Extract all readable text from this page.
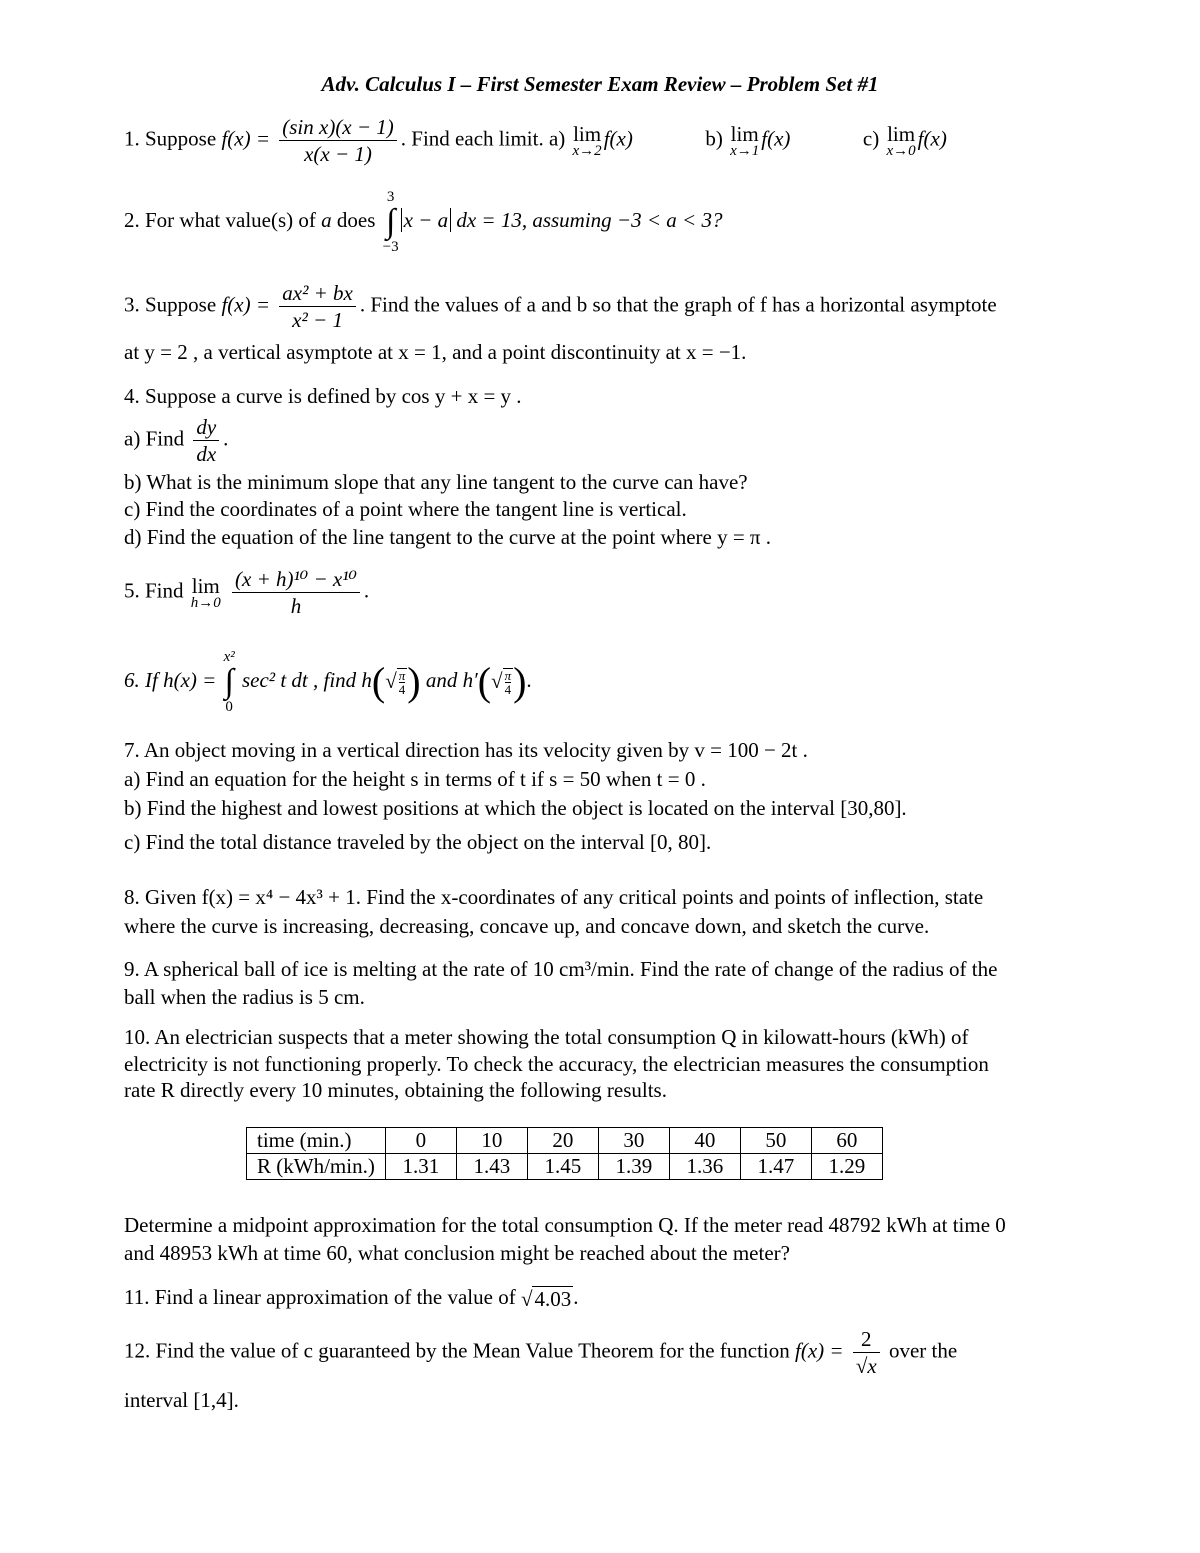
Adv. Calculus I – First Semester Exam Review – Problem Set #1
1. Suppose $f(x) = \frac{\text{(sin x)(x − 1)}}{x(x - 1)}$ . Find each limit. a) lim
x→2
f(x)	b) lim
x→1
f(x)	c) lim
x→0
f(x)
2. For what value(s) of a does
3
∫
−3
x − a dx = 13, assuming −3 < a < 3?
3. Suppose $f(x) = \frac{\text{ax² + bx}}{\text{x² − 1}}$ . Find the values of a and b so that the graph of f has a horizontal asymptote
at y = 2 , a vertical asymptote at x = 1, and a point discontinuity at x = −1.
4. Suppose a curve is defined by cos y + x = y .
a) Find $\frac{dy}{dx}$ .
b) What is the minimum slope that any line tangent to the curve can have?
c) Find the coordinates of a point where the tangent line is vertical.
d) Find the equation of the line tangent to the curve at the point where y = π .
5. Find lim
h→0
$\frac{\text{(x + h)¹⁰ − x¹⁰}}{h}$ .
6. If h(x) =
x²
∫
0
sec² t dt , find $h(√ \frac{\pi}{4}$ ) and $h'(√ \frac{\pi}{4}$ ).
7. An object moving in a vertical direction has its velocity given by v = 100 − 2t .
a) Find an equation for the height s in terms of t if s = 50 when t = 0 .
b) Find the highest and lowest positions at which the object is located on the interval [30,80].
c) Find the total distance traveled by the object on the interval [0, 80].
8. Given f(x) = x⁴ − 4x³ + 1. Find the x-coordinates of any critical points and points of inflection, state
where the curve is increasing, decreasing, concave up, and concave down, and sketch the curve.
9. A spherical ball of ice is melting at the rate of 10 cm³/min. Find the rate of change of the radius of the
ball when the radius is 5 cm.
10. An electrician suspects that a meter showing the total consumption Q in kilowatt-hours (kWh) of
electricity is not functioning properly. To check the accuracy, the electrician measures the consumption
rate R directly every 10 minutes, obtaining the following results.
time (min.)	0	10	20	30	40	50	60
R (kWh/min.)	1.31	1.43	1.45	1.39	1.36	1.47	1.29
Determine a midpoint approximation for the total consumption Q. If the meter read 48792 kWh at time 0
and 48953 kWh at time 60, what conclusion might be reached about the meter?
11. Find a linear approximation of the value of √4.03.
12. Find the value of c guaranteed by the Mean Value Theorem for the function $f(x) = \frac{2}{√x}$ over the
interval [1,4].
